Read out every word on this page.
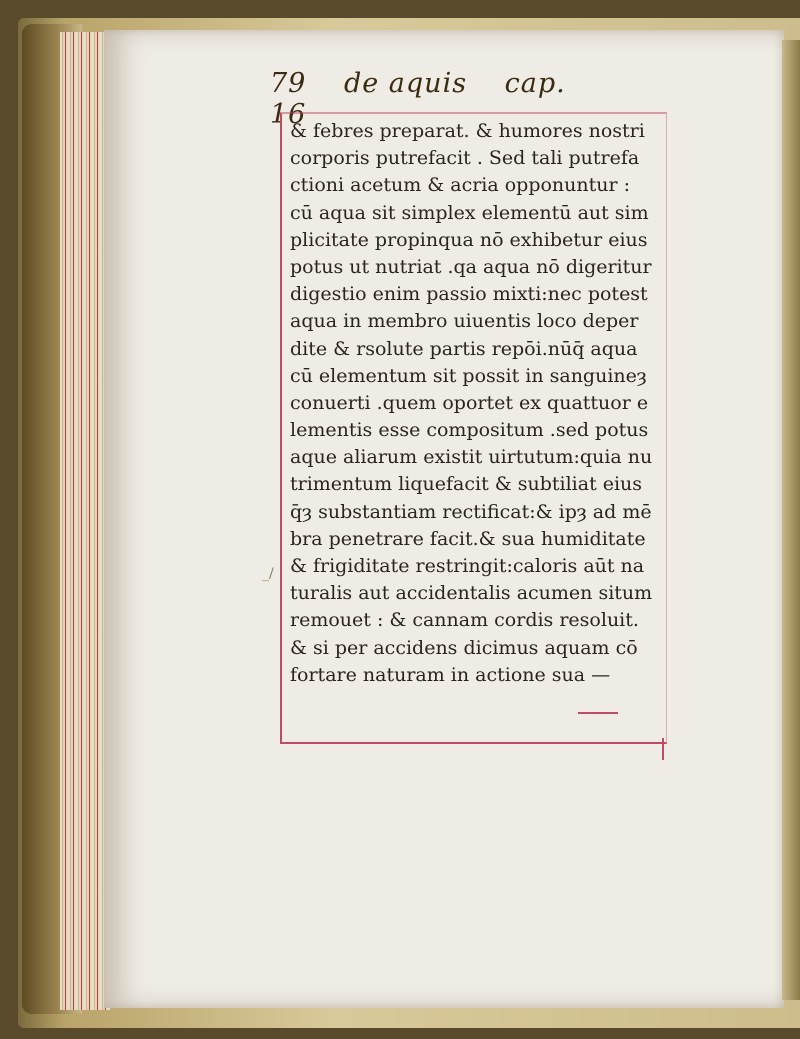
79 de aquis cap. 16
_/
& febres preparat. & humores nostri
corporis putrefacit . Sed tali putrefa
ctioni acetum & acria opponuntur :
cū aqua sit simplex elementū aut sim
plicitate propinqua nō exhibetur eius
potus ut nutriat .qa aqua nō digeritur
digestio enim passio mixti:nec potest
aqua in membro uiuentis loco deper
dite & rsolute partis repōi.nūq̄ aqua
cū elementum sit possit in sanguineȝ
conuerti .quem oportet ex quattuor e
lementis esse compositum .sed potus
aque aliarum existit uirtutum:quia nu
trimentum liquefacit & subtiliat eius
q̄ȝ substantiam rectificat:& ipȝ ad mē
bra penetrare facit.& sua humiditate
& frigiditate restringit:caloris aūt na
turalis aut accidentalis acumen situm
remouet : & cannam cordis resoluit.
& si per accidens dicimus aquam cō
fortare naturam in actione sua —
